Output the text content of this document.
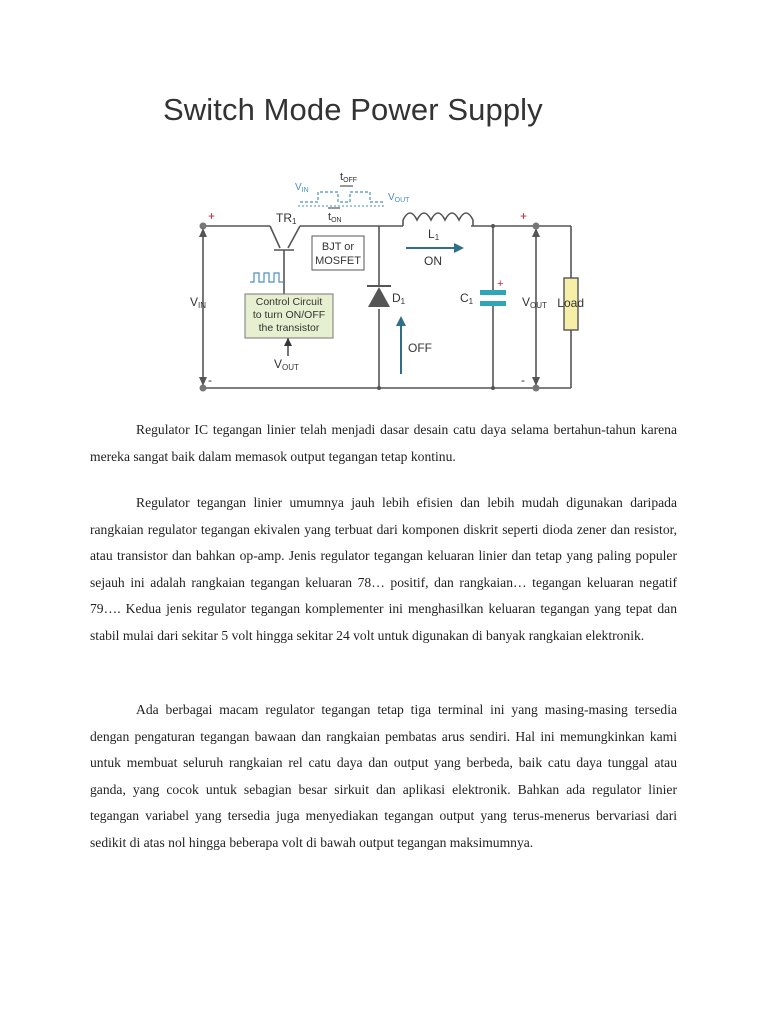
Switch Mode Power Supply
+
-
+
-
+
VIN	VOUT
TR1
BJT or
MOSFET
Control Circuit
to turn ON/OFF
the transistor
VOUT
$V_{IN}$
$V_{OUT}$
tOFF
tON
L1
ON
OFF
D1	C1	Load

Regulator IC tegangan linier telah menjadi dasar desain catu daya selama bertahun-tahun karena mereka sangat baik dalam memasok output tegangan tetap kontinu.

Regulator tegangan linier umumnya jauh lebih efisien dan lebih mudah digunakan daripada rangkaian regulator tegangan ekivalen yang terbuat dari komponen diskrit seperti dioda zener dan resistor, atau transistor dan bahkan op-amp. Jenis regulator tegangan keluaran linier dan tetap yang paling populer sejauh ini adalah rangkaian tegangan keluaran 78… positif, dan rangkaian… tegangan keluaran negatif 79…. Kedua jenis regulator tegangan komplementer ini menghasilkan keluaran tegangan yang tepat dan stabil mulai dari sekitar 5 volt hingga sekitar 24 volt untuk digunakan di banyak rangkaian elektronik.

Ada berbagai macam regulator tegangan tetap tiga terminal ini yang masing-masing tersedia dengan pengaturan tegangan bawaan dan rangkaian pembatas arus sendiri. Hal ini memungkinkan kami untuk membuat seluruh rangkaian rel catu daya dan output yang berbeda, baik catu daya tunggal atau ganda, yang cocok untuk sebagian besar sirkuit dan aplikasi elektronik. Bahkan ada regulator linier tegangan variabel yang tersedia juga menyediakan tegangan output yang terus-menerus bervariasi dari sedikit di atas nol hingga beberapa volt di bawah output tegangan maksimumnya.
